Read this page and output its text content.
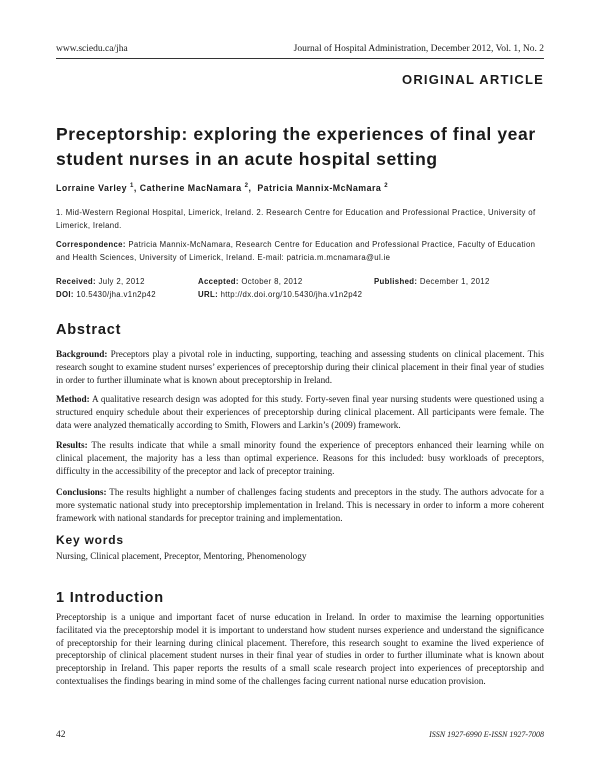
www.sciedu.ca/jha	Journal of Hospital Administration, December 2012, Vol. 1, No. 2
ORIGINAL ARTICLE
Preceptorship: exploring the experiences of final year
student nurses in an acute hospital setting
Lorraine Varley $^1$, Catherine MacNamara $^2$,  Patricia Mannix-McNamara $^2$
1. Mid-Western Regional Hospital, Limerick, Ireland. 2. Research Centre for Education and Professional Practice, University of Limerick, Ireland.
Correspondence: Patricia Mannix-McNamara, Research Centre for Education and Professional Practice, Faculty of Education and Health Sciences, University of Limerick, Ireland. E-mail: patricia.m.mcnamara@ul.ie
Received: July 2, 2012
DOI: 10.5430/jha.v1n2p42
Accepted: October 8, 2012
URL: http://dx.doi.org/10.5430/jha.v1n2p42
Published: December 1, 2012
Abstract
Background: Preceptors play a pivotal role in inducting, supporting, teaching and assessing students on clinical placement. This research sought to examine student nurses’ experiences of preceptorship during their clinical placement in their final year of studies in order to further illuminate what is known about preceptorship in Ireland.
Method: A qualitative research design was adopted for this study. Forty-seven final year nursing students were questioned using a structured enquiry schedule about their experiences of preceptorship during clinical placement. All participants were female. The data were analyzed thematically according to Smith, Flowers and Larkin’s (2009) framework.
Results: The results indicate that while a small minority found the experience of preceptors enhanced their learning while on clinical placement, the majority has a less than optimal experience. Reasons for this included: busy workloads of preceptors, difficulty in the accessibility of the preceptor and lack of preceptor training.
Conclusions: The results highlight a number of challenges facing students and preceptors in the study. The authors advocate for a more systematic national study into preceptorship implementation in Ireland. This is necessary in order to inform a more coherent framework with national standards for preceptor training and implementation.
Key words
Nursing, Clinical placement, Preceptor, Mentoring, Phenomenology
1 Introduction
Preceptorship is a unique and important facet of nurse education in Ireland. In order to maximise the learning opportunities facilitated via the preceptorship model it is important to understand how student nurses experience and understand the significance of preceptorship for their learning during clinical placement. Therefore, this research sought to examine the lived experience of preceptorship of clinical placement student nurses in their final year of studies in order to further illuminate what is known about preceptorship in Ireland. This paper reports the results of a small scale research project into experiences of preceptorship and contextualises the findings bearing in mind some of the challenges facing current national nurse education provision.
42	ISSN 1927-6990 E-ISSN 1927-7008
